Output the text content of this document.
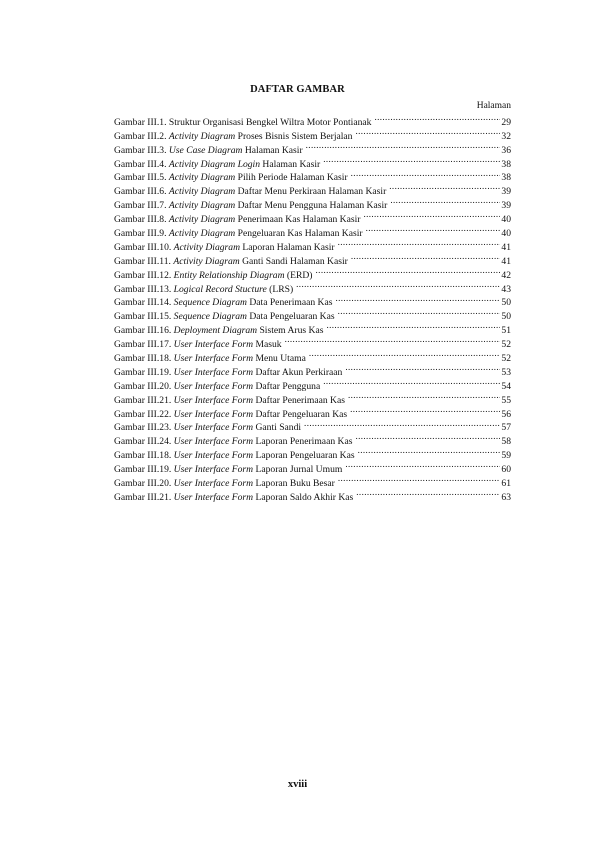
DAFTAR GAMBAR
Halaman
Gambar III.1. Struktur Organisasi Bengkel Wiltra Motor Pontianak .....	29
Gambar III.2. Activity Diagram Proses Bisnis Sistem Berjalan .....	32
Gambar III.3. Use Case Diagram Halaman Kasir .....	36
Gambar III.4. Activity Diagram Login Halaman Kasir .....	38
Gambar III.5. Activity Diagram Pilih Periode Halaman Kasir .....	38
Gambar III.6. Activity Diagram Daftar Menu Perkiraan Halaman Kasir .....	39
Gambar III.7. Activity Diagram Daftar Menu Pengguna Halaman Kasir .....	39
Gambar III.8. Activity Diagram Penerimaan Kas Halaman Kasir .....	40
Gambar III.9. Activity Diagram Pengeluaran Kas Halaman Kasir .....	40
Gambar III.10. Activity Diagram Laporan Halaman Kasir .....	41
Gambar III.11. Activity Diagram Ganti Sandi Halaman Kasir .....	41
Gambar III.12. Entity Relationship Diagram (ERD) .....	42
Gambar III.13. Logical Record Stucture (LRS) .....	43
Gambar III.14. Sequence Diagram Data Penerimaan Kas .....	50
Gambar III.15. Sequence Diagram Data Pengeluaran Kas .....	50
Gambar III.16. Deployment Diagram Sistem Arus Kas .....	51
Gambar III.17. User Interface Form Masuk .....	52
Gambar III.18. User Interface Form Menu Utama .....	52
Gambar III.19. User Interface Form Daftar Akun Perkiraan .....	53
Gambar III.20. User Interface Form Daftar Pengguna .....	54
Gambar III.21. User Interface Form Daftar Penerimaan Kas .....	55
Gambar III.22. User Interface Form Daftar Pengeluaran Kas .....	56
Gambar III.23. User Interface Form Ganti Sandi .....	57
Gambar III.24. User Interface Form Laporan Penerimaan Kas .....	58
Gambar III.18. User Interface Form Laporan Pengeluaran Kas .....	59
Gambar III.19. User Interface Form Laporan Jurnal Umum .....	60
Gambar III.20. User Interface Form Laporan Buku Besar .....	61
Gambar III.21. User Interface Form Laporan Saldo Akhir Kas .....	63
xviii
